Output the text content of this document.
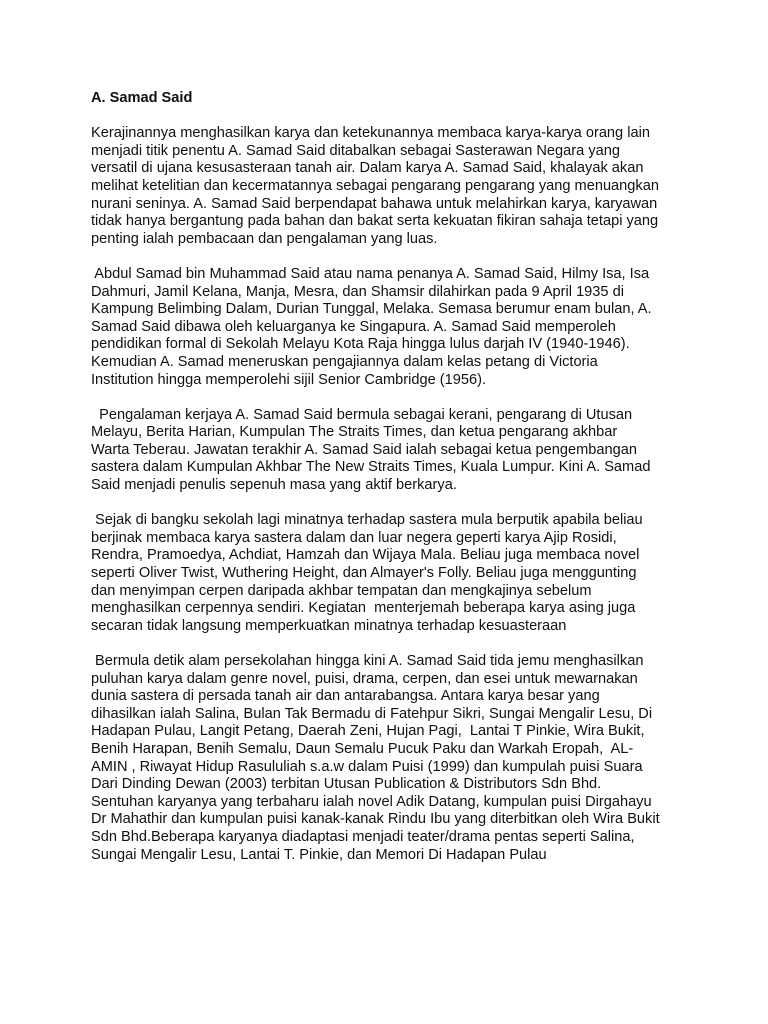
A. Samad Said
Kerajinannya menghasilkan karya dan ketekunannya membaca karya-karya orang lain
menjadi titik penentu A. Samad Said ditabalkan sebagai Sasterawan Negara yang
versatil di ujana kesusasteraan tanah air. Dalam karya A. Samad Said, khalayak akan
melihat ketelitian dan kecermatannya sebagai pengarang pengarang yang menuangkan
nurani seninya. A. Samad Said berpendapat bahawa untuk melahirkan karya, karyawan
tidak hanya bergantung pada bahan dan bakat serta kekuatan fikiran sahaja tetapi yang
penting ialah pembacaan dan pengalaman yang luas.
Abdul Samad bin Muhammad Said atau nama penanya A. Samad Said, Hilmy Isa, Isa
Dahmuri, Jamil Kelana, Manja, Mesra, dan Shamsir dilahirkan pada 9 April 1935 di
Kampung Belimbing Dalam, Durian Tunggal, Melaka. Semasa berumur enam bulan, A.
Samad Said dibawa oleh keluarganya ke Singapura. A. Samad Said memperoleh
pendidikan formal di Sekolah Melayu Kota Raja hingga lulus darjah IV (1940-1946).
Kemudian A. Samad meneruskan pengajiannya dalam kelas petang di Victoria
Institution hingga memperolehi sijil Senior Cambridge (1956).
Pengalaman kerjaya A. Samad Said bermula sebagai kerani, pengarang di Utusan
Melayu, Berita Harian, Kumpulan The Straits Times, dan ketua pengarang akhbar
Warta Teberau. Jawatan terakhir A. Samad Said ialah sebagai ketua pengembangan
sastera dalam Kumpulan Akhbar The New Straits Times, Kuala Lumpur. Kini A. Samad
Said menjadi penulis sepenuh masa yang aktif berkarya.
Sejak di bangku sekolah lagi minatnya terhadap sastera mula berputik apabila beliau
berjinak membaca karya sastera dalam dan luar negera geperti karya Ajip Rosidi,
Rendra, Pramoedya, Achdiat, Hamzah dan Wijaya Mala. Beliau juga membaca novel
seperti Oliver Twist, Wuthering Height, dan Almayer's Folly. Beliau juga menggunting
dan menyimpan cerpen daripada akhbar tempatan dan mengkajinya sebelum
menghasilkan cerpennya sendiri. Kegiatan  menterjemah beberapa karya asing juga
secaran tidak langsung memperkuatkan minatnya terhadap kesuasteraan
Bermula detik alam persekolahan hingga kini A. Samad Said tida jemu menghasilkan
puluhan karya dalam genre novel, puisi, drama, cerpen, dan esei untuk mewarnakan
dunia sastera di persada tanah air dan antarabangsa. Antara karya besar yang
dihasilkan ialah Salina, Bulan Tak Bermadu di Fatehpur Sikri, Sungai Mengalir Lesu, Di
Hadapan Pulau, Langit Petang, Daerah Zeni, Hujan Pagi,  Lantai T Pinkie, Wira Bukit,
Benih Harapan, Benih Semalu, Daun Semalu Pucuk Paku dan Warkah Eropah,  AL-
AMIN , Riwayat Hidup Rasululiah s.a.w dalam Puisi (1999) dan kumpulah puisi Suara
Dari Dinding Dewan (2003) terbitan Utusan Publication & Distributors Sdn Bhd.
Sentuhan karyanya yang terbaharu ialah novel Adik Datang, kumpulan puisi Dirgahayu
Dr Mahathir dan kumpulan puisi kanak-kanak Rindu Ibu yang diterbitkan oleh Wira Bukit
Sdn Bhd.Beberapa karyanya diadaptasi menjadi teater/drama pentas seperti Salina,
Sungai Mengalir Lesu, Lantai T. Pinkie, dan Memori Di Hadapan Pulau
